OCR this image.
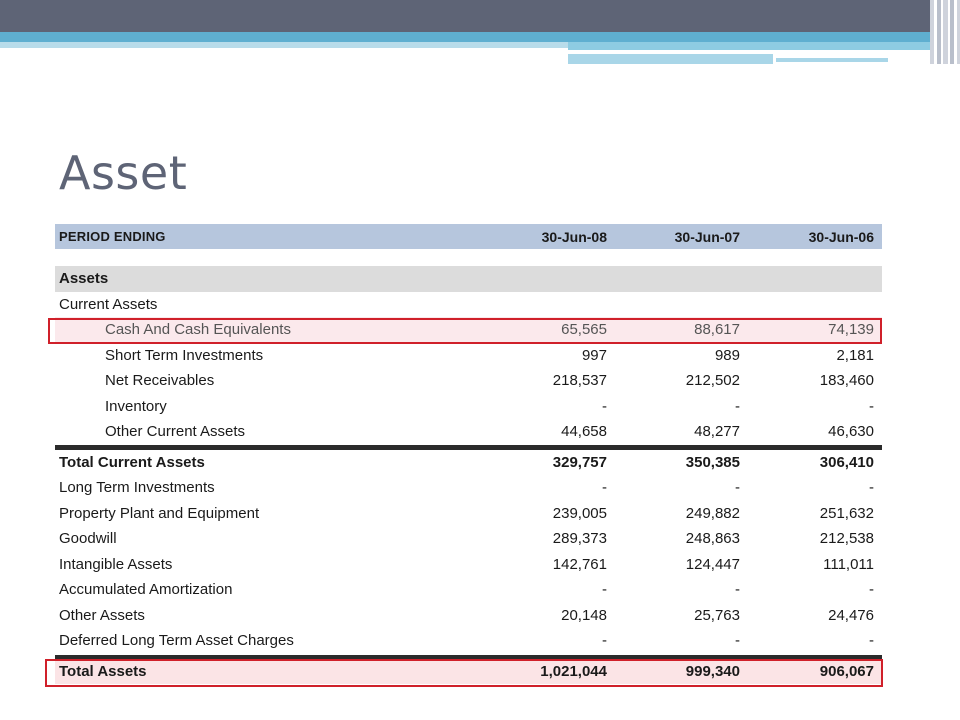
Asset
PERIOD ENDING	30-Jun-08	30-Jun-07	30-Jun-06
Assets
Current Assets
Cash And Cash Equivalents	65,565	88,617	74,139
Short Term Investments	997	989	2,181
Net Receivables	218,537	212,502	183,460
Inventory	-	-	-
Other Current Assets	44,658	48,277	46,630
Total Current Assets	329,757	350,385	306,410
Long Term Investments	-	-	-
Property Plant and Equipment	239,005	249,882	251,632
Goodwill	289,373	248,863	212,538
Intangible Assets	142,761	124,447	111,011
Accumulated Amortization	-	-	-
Other Assets	20,148	25,763	24,476
Deferred Long Term Asset Charges	-	-	-
Total Assets	1,021,044	999,340	906,067
